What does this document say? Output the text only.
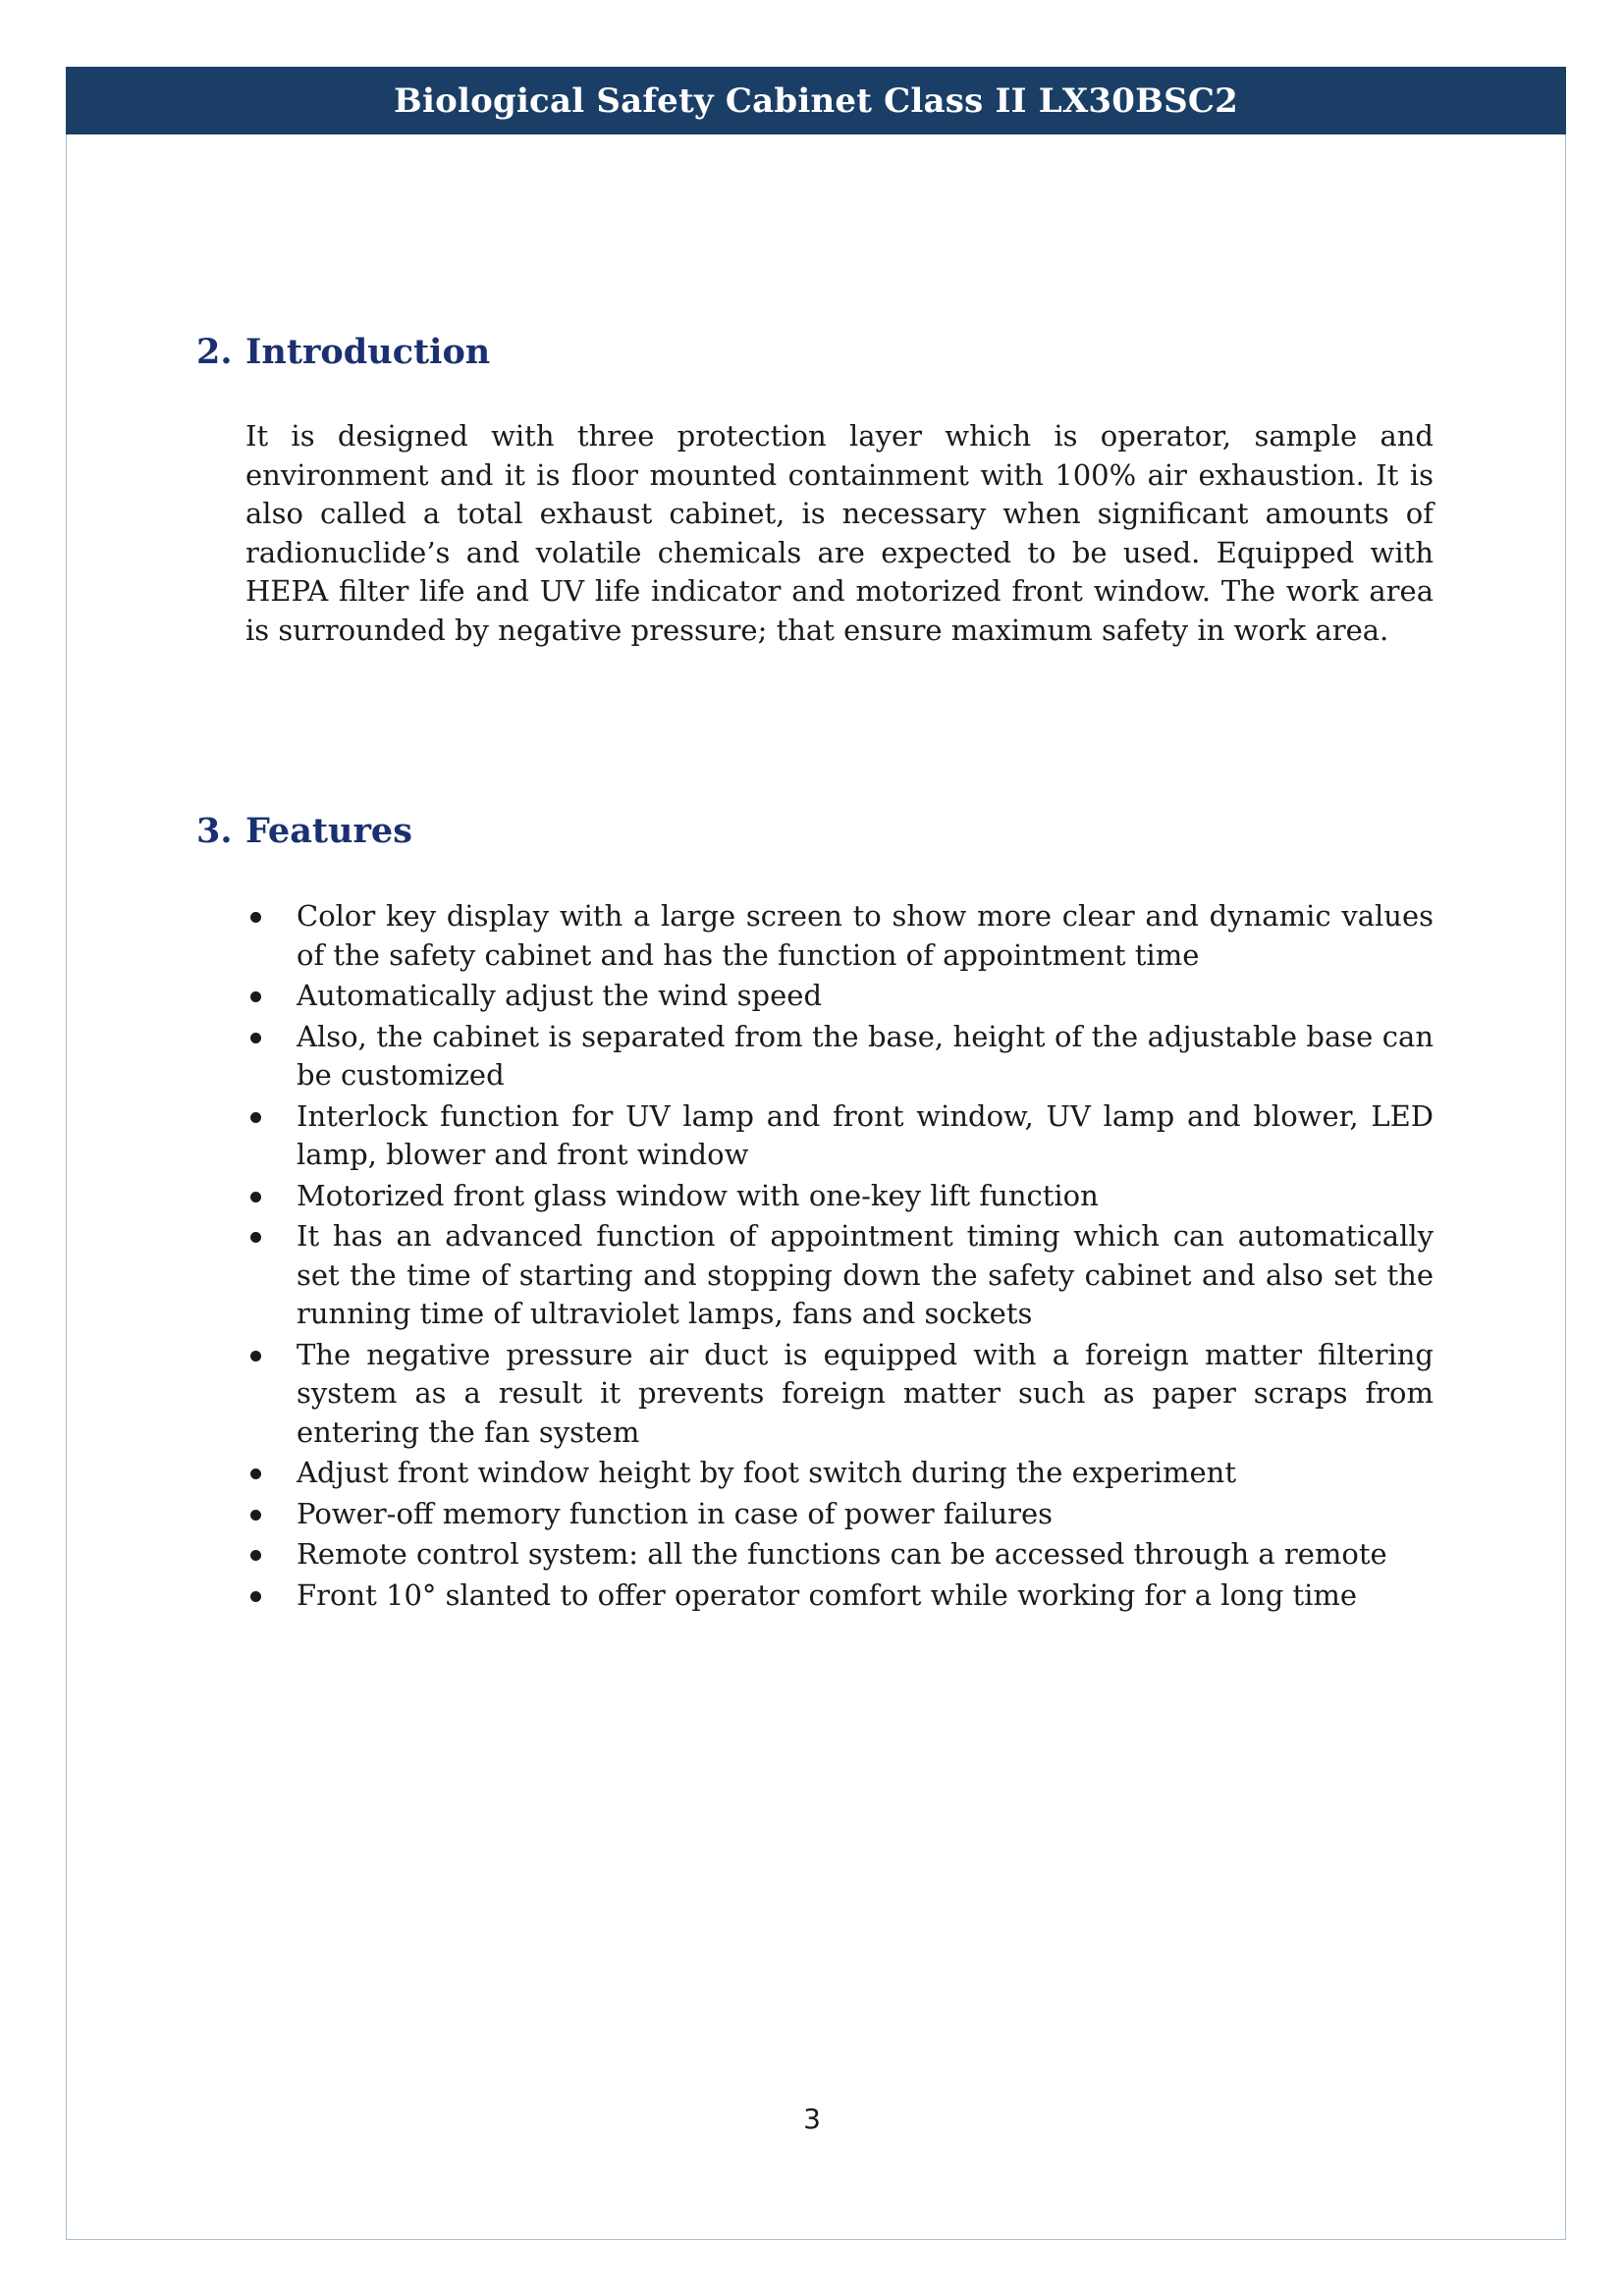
Biological Safety Cabinet Class II LX30BSC2
2. Introduction

It is designed with three protection layer which is operator, sample and environment and it is floor mounted containment with 100% air exhaustion. It is also called a total exhaust cabinet, is necessary when significant amounts of radionuclide’s and volatile chemicals are expected to be used. Equipped with HEPA filter life and UV life indicator and motorized front window. The work area is surrounded by negative pressure; that ensure maximum safety in work area.

3. Features
Color key display with a large screen to show more clear and dynamic values of the safety cabinet and has the function of appointment time
Automatically adjust the wind speed
Also, the cabinet is separated from the base, height of the adjustable base can be customized
Interlock function for UV lamp and front window, UV lamp and blower, LED lamp, blower and front window
Motorized front glass window with one-key lift function
It has an advanced function of appointment timing which can automatically set the time of starting and stopping down the safety cabinet and also set the running time of ultraviolet lamps, fans and sockets
The negative pressure air duct is equipped with a foreign matter filtering system as a result it prevents foreign matter such as paper scraps from entering the fan system
Adjust front window height by foot switch during the experiment
Power-off memory function in case of power failures
Remote control system: all the functions can be accessed through a remote
Front 10° slanted to offer operator comfort while working for a long time
3
